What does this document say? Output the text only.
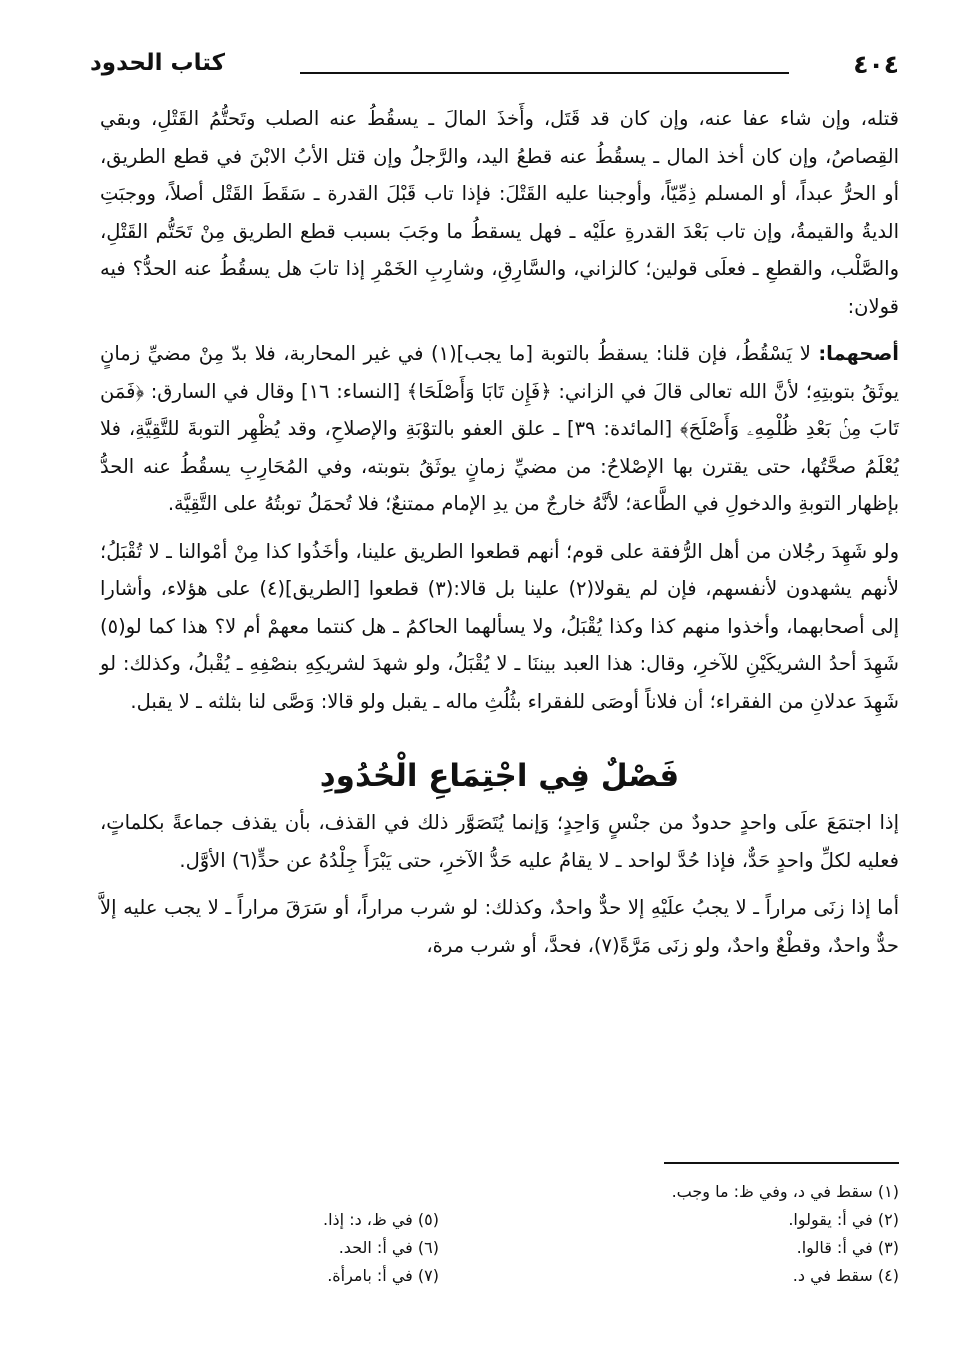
٤٠٤
كتاب الحدود

قتله، وإن شاء عفا عنه، وإن كان قد قَتَل، وأَخذَ المالَ ـ يسقُطُ عنه الصلب وتَحتُّمُ القَتْلِ، وبقي القِصاصُ، وإن كان أخذ المال ـ يسقُطُ عنه قطعُ اليد، والرَّجلُ وإن قتل الأبُ الابْنَ في قطع الطريق، أو الحرُّ عبداً، أو المسلم ذِمِّيّاً، وأوجبنا عليه القَتْلَ: فإذا تاب قَبْلَ القدرة ـ سَقَطَ القَتْل أصلاً، ووجبَتِ الديةُ والقيمةُ، وإن تاب بَعْدَ القدرةِ علَيْه ـ فهل يسقطُ ما وجَبَ بسبب قطع الطريق مِنْ تَحَتُّم القَتْلِ، والصَّلْب، والقطعِ ـ فعلَى قولين؛ كالزاني، والسَّارِقِ، وشارِبِ الخَمْرِ إذا تابَ هل يسقُطُ عنه الحدُّ؟ فيه قولان:

أصحهما: لا يَسْقُطُ، فإن قلنا: يسقطُ بالتوبة [ما يجب](١) في غير المحاربة، فلا بدّ مِنْ مضيِّ زمانٍ يوثَقُ بتوبتِهِ؛ لأنَّ الله تعالى قالَ في الزاني: ﴿فَإِن تَابَا وَأَصْلَحَا﴾ [النساء: ١٦] وقال في السارق: ﴿فَمَن تَابَ مِنۢ بَعْدِ ظُلْمِهِۦ وَأَصْلَحَ﴾ [المائدة: ٣٩] ـ علق العفو بالتوْبَةِ والإصلاحِ، وقد يُظْهِر التوبةَ للتَّقِيَّةِ، فلا يُعْلَمُ صحَّتُها، حتى يقترن بها الإصْلاحُ: من مضيِّ زمانٍ يوثَقُ بتوبته، وفي المُحَارِبِ يسقُطُ عنه الحدُّ بإظهار التوبةِ والدخولِ في الطَّاعة؛ لأنَّهُ خارجٌ من يدِ الإمام ممتنعٌ؛ فلا تُحمَلُ توبتُهُ على التَّقِيَّة.

ولو شَهِدَ رجُلان من أهل الرُّفقة على قوم؛ أنهم قطعوا الطريق علينا، وأخَذُوا كذا مِنْ أمْوالنا ـ لا تُقْبَلُ؛ لأنهم يشهدون لأنفسهم، فإن لم يقولا(٢) علينا بل قالا:(٣) قطعوا [الطريق](٤) على هؤلاء، وأشارا إلى أصحابهما، وأخذوا منهم كذا وكذا يُقْبَلُ، ولا يسألهما الحاكمُ ـ هل كنتما معهمْ أم لا؟ هذا كما لو(٥) شَهِدَ أحدُ الشريكَيْنِ للآخرِ، وقال: هذا العبد بيننَا ـ لا يُقْبَلُ، ولو شهدَ لشريكِهِ بنصْفِهِ ـ يُقْبلُ، وكذلك: لو شَهِدَ عدلانِ من الفقراء؛ أن فلاناً أوصَى للفقراء بثُلُثِ ماله ـ يقبل ولو قالا: وَصَّى لنا بثلثه ـ لا يقبل.

فَصْلٌ فِي اجْتِمَاعِ الْحُدُودِ

إذا اجتمَعَ علَى واحدٍ حدودٌ من جنْسٍ وَاحِدٍ؛ وَإنما يُتَصَوَّر ذلك في القذف، بأن يقذف جماعةً بكلماتٍ، فعليه لكلِّ واحدٍ حَدٌّ، فإذا حُدَّ لواحد ـ لا يقامُ عليه حَدُّ الآخرِ، حتى يَبْرَأَ جِلْدُهُ عن حدٍّ(٦) الأوَّل.

أما إذا زنَى مراراً ـ لا يجبُ علَيْهِ إلا حدٌّ واحدٌ، وكذلك: لو شرب مراراً، أو سَرَقَ مراراً ـ لا يجب عليه إلاَّ حدٌّ واحدٌ، وقطْعٌ واحدٌ، ولو زنَى مَرَّةً(٧)، فحدَّ، أو شرب مرة،

(١) سقط في د، وفي ظ: ما وجب.
(٢) في أ: يقولوا.
(٣) في أ: قالوا.
(٤) سقط في د.
(٥) في ظ، د: إذا.
(٦) في أ: الحد.
(٧) في أ: بامرأة.
